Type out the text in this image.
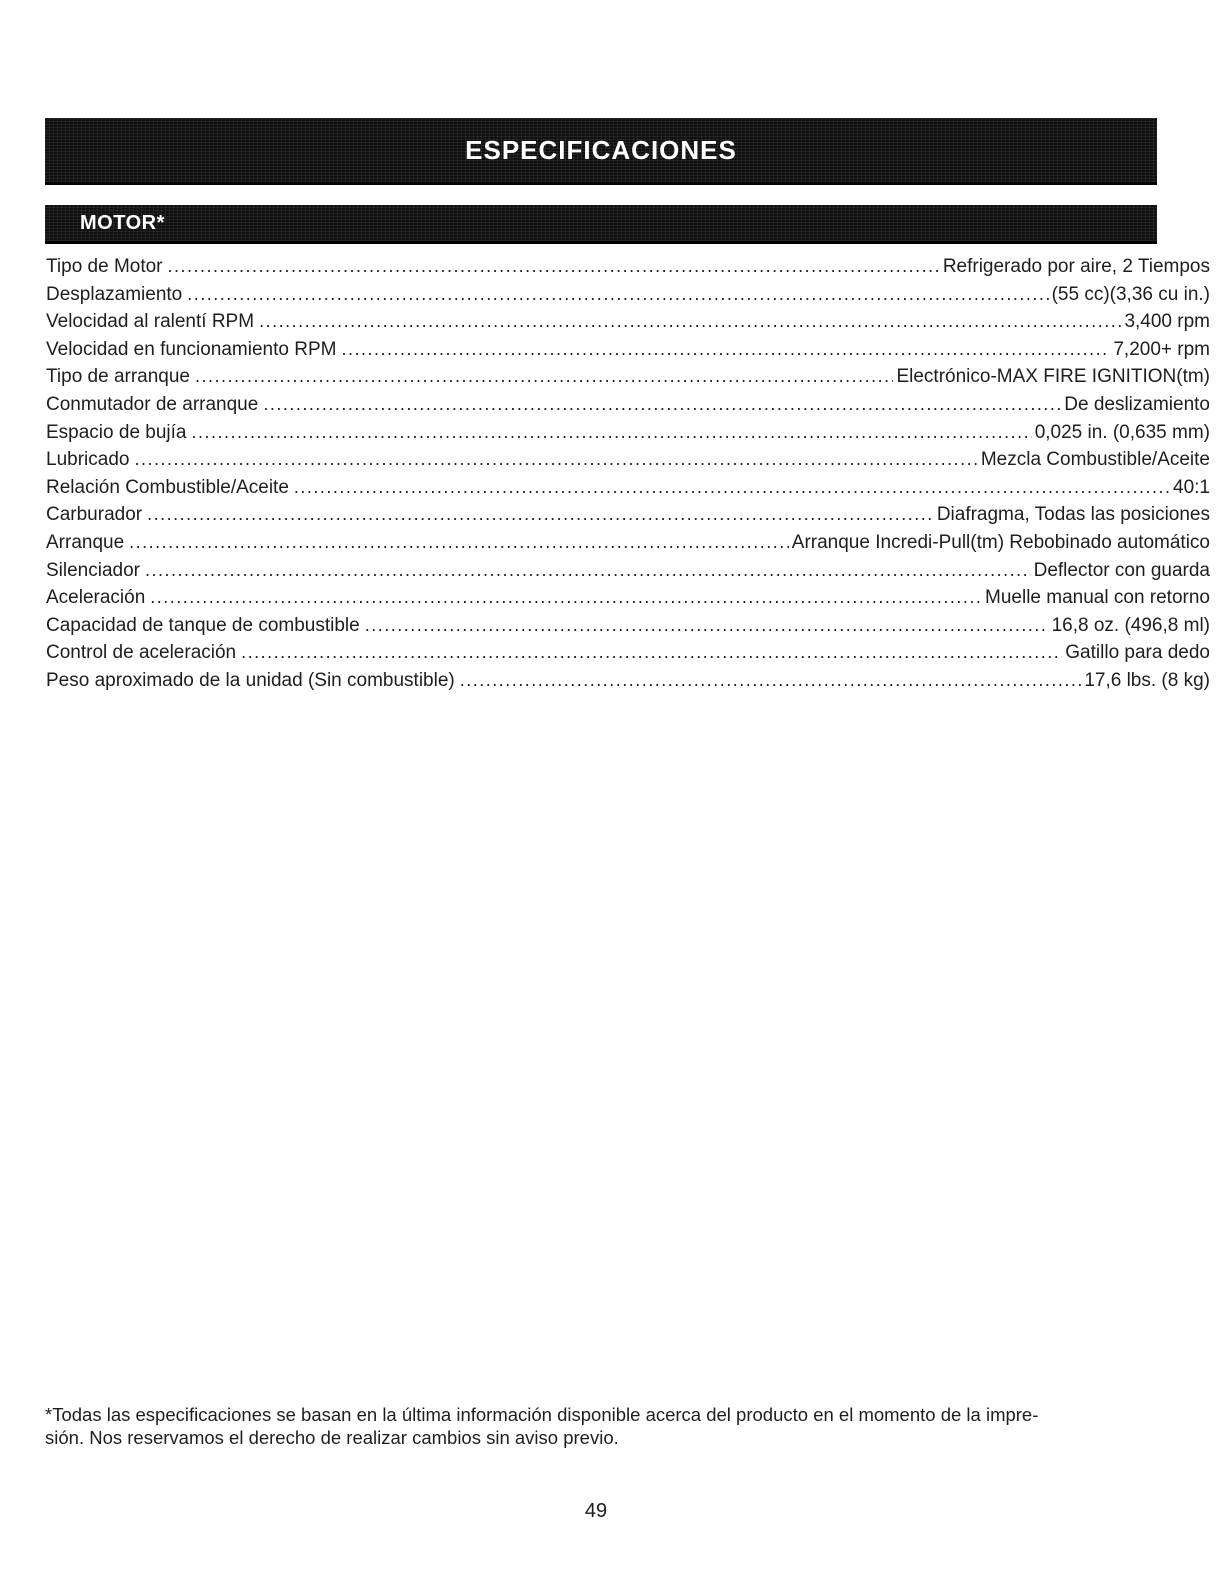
ESPECIFICACIONES
MOTOR*
Tipo de Motor .....	Refrigerado por aire, 2 Tiempos
Desplazamiento .....	(55 cc)(3,36 cu in.)
Velocidad al ralentí RPM .....	3,400 rpm
Velocidad en funcionamiento RPM .....	7,200+ rpm
Tipo de arranque .....	Electrónico-MAX FIRE IGNITION(tm)
Conmutador de arranque .....	De deslizamiento
Espacio de bujía .....	0,025 in. (0,635 mm)
Lubricado .....	Mezcla Combustible/Aceite
Relación Combustible/Aceite .....	40:1
Carburador .....	Diafragma, Todas las posiciones
Arranque .....	Arranque Incredi-Pull(tm) Rebobinado automático
Silenciador .....	Deflector con guarda
Aceleración .....	Muelle manual con retorno
Capacidad de tanque de combustible .....	16,8 oz. (496,8 ml)
Control de aceleración .....	Gatillo para dedo
Peso aproximado de la unidad (Sin combustible) .....	17,6 lbs. (8 kg)
*Todas las especificaciones se basan en la última información disponible acerca del producto en el momento de la impre-
sión. Nos reservamos el derecho de realizar cambios sin aviso previo.
49
